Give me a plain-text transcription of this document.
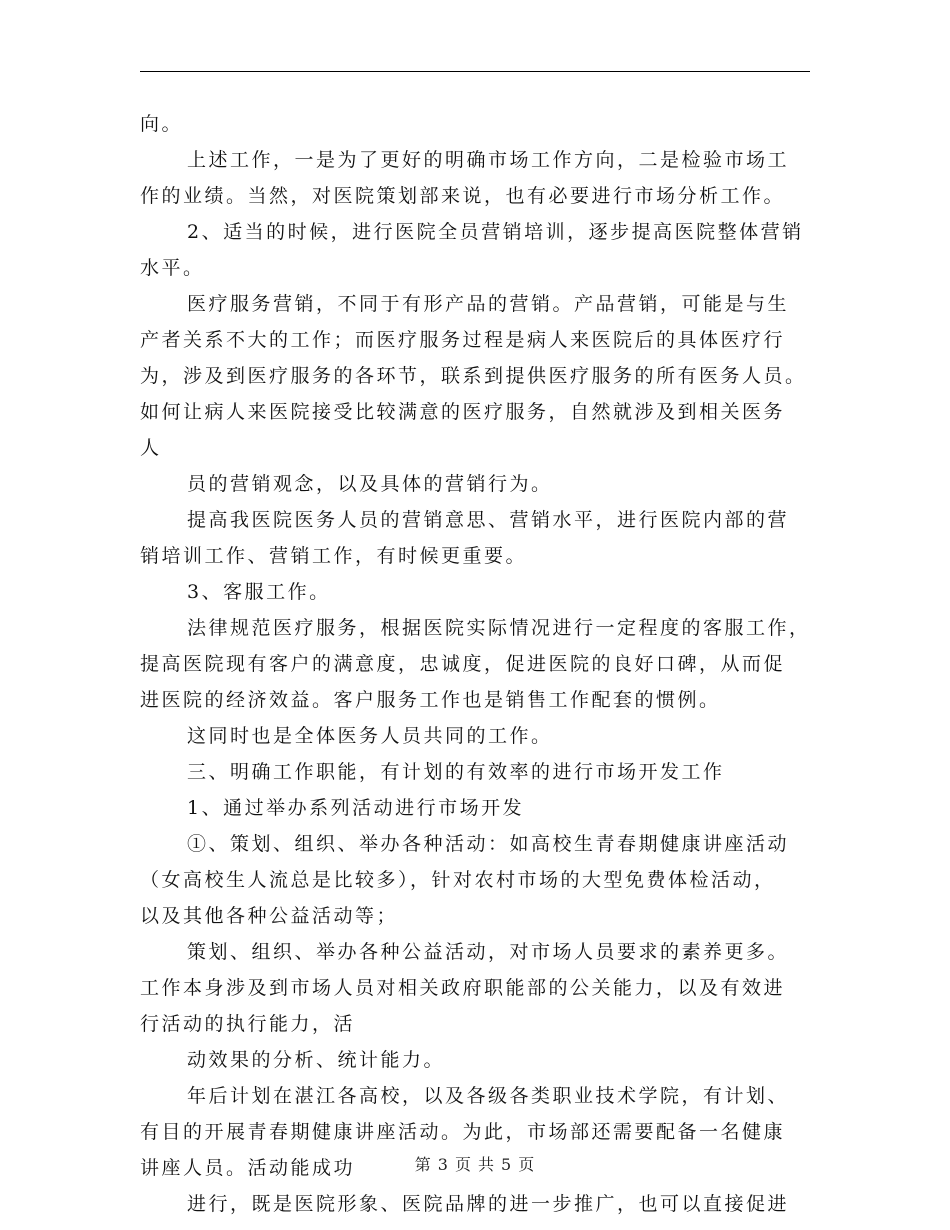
向。
上述工作，一是为了更好的明确市场工作方向，二是检验市场工
作的业绩。当然，对医院策划部来说，也有必要进行市场分析工作。
2、适当的时候，进行医院全员营销培训，逐步提高医院整体营销
水平。
医疗服务营销，不同于有形产品的营销。产品营销，可能是与生
产者关系不大的工作；而医疗服务过程是病人来医院后的具体医疗行
为，涉及到医疗服务的各环节，联系到提供医疗服务的所有医务人员。
如何让病人来医院接受比较满意的医疗服务，自然就涉及到相关医务
人
员的营销观念，以及具体的营销行为。
提高我医院医务人员的营销意思、营销水平，进行医院内部的营
销培训工作、营销工作，有时候更重要。
3、客服工作。
法律规范医疗服务，根据医院实际情况进行一定程度的客服工作，
提高医院现有客户的满意度，忠诚度，促进医院的良好口碑，从而促
进医院的经济效益。客户服务工作也是销售工作配套的惯例。
这同时也是全体医务人员共同的工作。
三、明确工作职能，有计划的有效率的进行市场开发工作
1、通过举办系列活动进行市场开发
①、策划、组织、举办各种活动：如高校生青春期健康讲座活动
（女高校生人流总是比较多），针对农村市场的大型免费体检活动，
以及其他各种公益活动等；
策划、组织、举办各种公益活动，对市场人员要求的素养更多。
工作本身涉及到市场人员对相关政府职能部的公关能力，以及有效进
行活动的执行能力，活
动效果的分析、统计能力。
年后计划在湛江各高校，以及各级各类职业技术学院，有计划、
有目的开展青春期健康讲座活动。为此，市场部还需要配备一名健康
讲座人员。活动能成功
进行，既是医院形象、医院品牌的进一步推广，也可以直接促进
第 3 页 共 5 页
